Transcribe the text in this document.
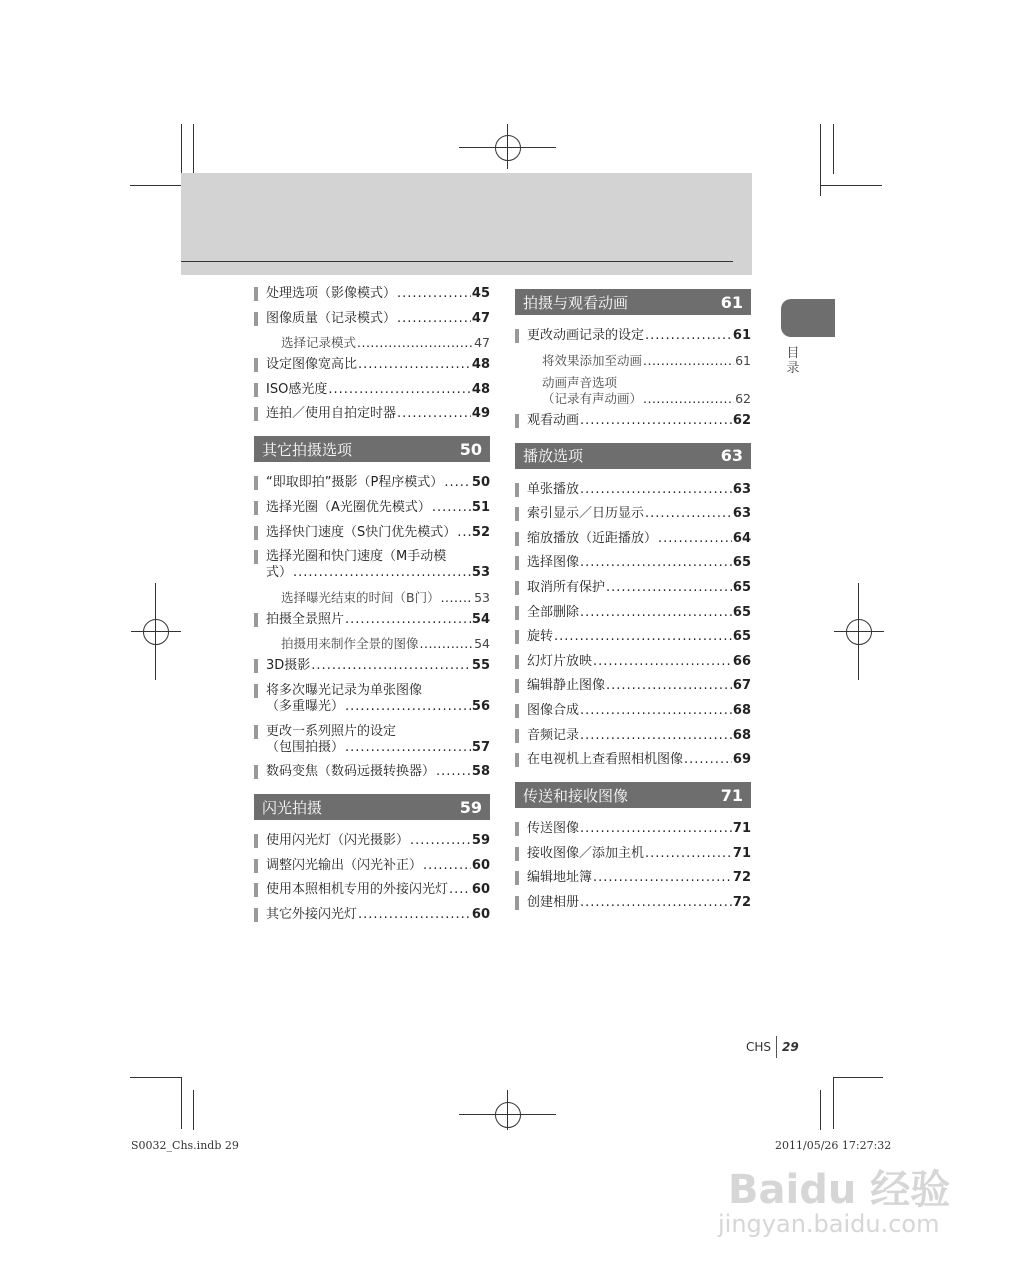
目录
处理选项（影像模式） .....	45
图像质量（记录模式） .....	47
选择记录模式 .....	47
设定图像宽高比 .....	48
ISO感光度 .....	48
连拍／使用自拍定时器 .....	49
其它拍摄选项	50
“即取即拍”摄影（P程序模式） ..... 50
选择光圈（A光圈优先模式） .....	51
选择快门速度（S快门优先模式） ..... 52
选择光圈和快门速度（M手动模
式） .....	53
选择曝光结束的时间（B门） .....	53
拍摄全景照片 .....	54
拍摄用来制作全景的图像 .....	54
3D摄影 .....	55
将多次曝光记录为单张图像
（多重曝光） .....	56
更改一系列照片的设定
（包围拍摄） .....	57
数码变焦（数码远摄转换器） .....	58
闪光拍摄	59
使用闪光灯（闪光摄影） .....	59
调整闪光输出（闪光补正） .....	60
使用本照相机专用的外接闪光灯 ..... 60
其它外接闪光灯 .....	60
拍摄与观看动画	61
更改动画记录的设定 .....	61
将效果添加至动画 .....	61
动画声音选项
（记录有声动画） .....	62
观看动画 .....	62
播放选项	63
单张播放 .....	63
索引显示／日历显示 .....	63
缩放播放（近距播放） .....	64
选择图像 .....	65
取消所有保护 .....	65
全部删除 .....	65
旋转 .....	65
幻灯片放映 .....	66
编辑静止图像 .....	67
图像合成 .....	68
音频记录 .....	68
在电视机上查看照相机图像 .....	69
传送和接收图像	71
传送图像 .....	71
接收图像／添加主机 .....	71
编辑地址簿 .....	72
创建相册 .....	72
CHS 29
S0032_Chs.indb 29	2011/05/26 17:27:32
Baidu 经验
jingyan.baidu.com
